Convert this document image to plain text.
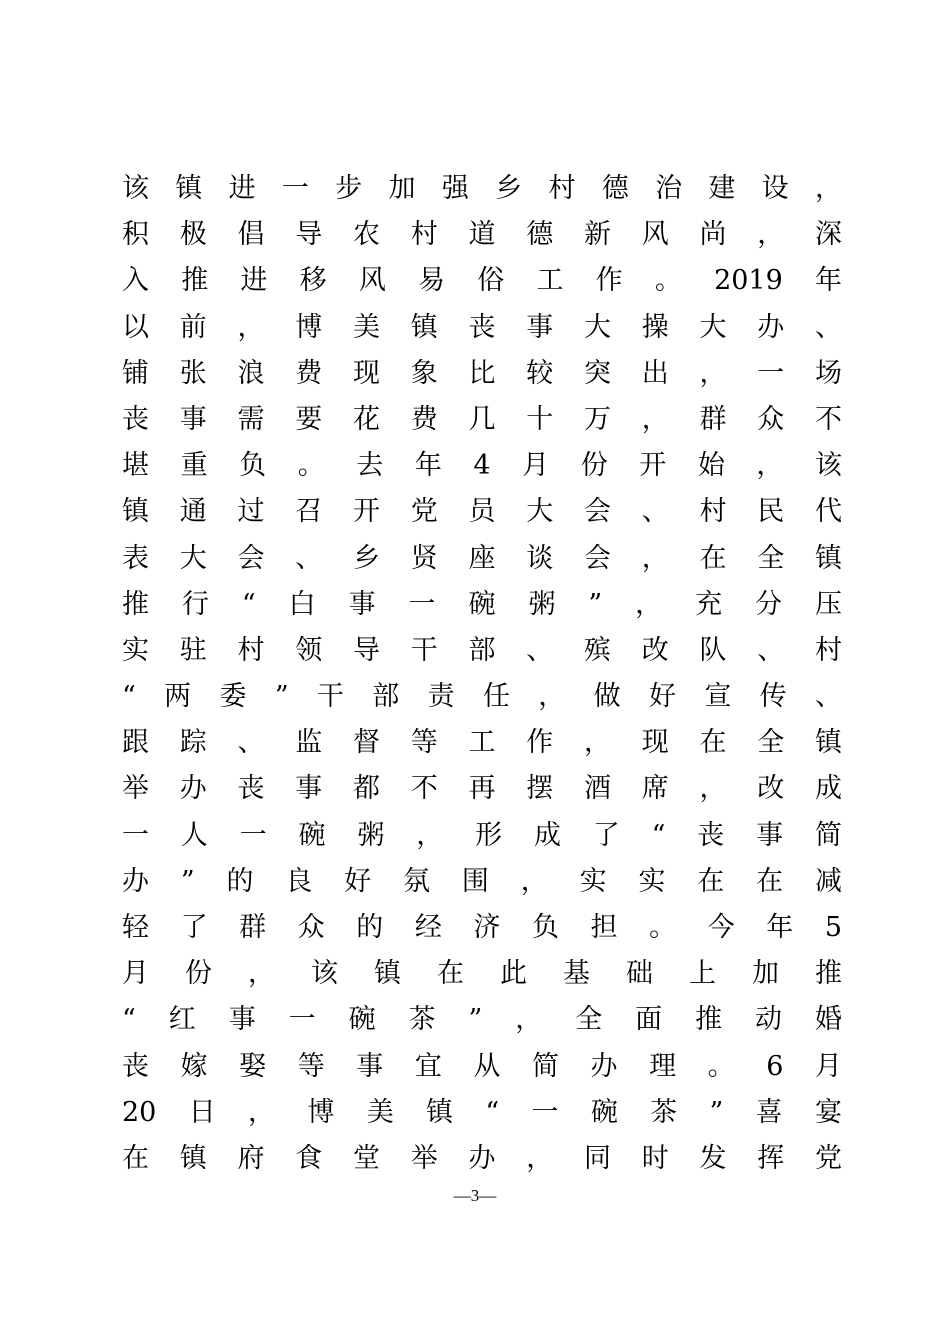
该 镇 进 一 步 加 强 乡 村 德 治 建 设 ，
积 极 倡 导 农 村 道 德 新 风 尚 ， 深
入 推 进 移 风 易 俗 工 作 。 2019 年
以 前 ， 博 美 镇 丧 事 大 操 大 办 、
铺 张 浪 费 现 象 比 较 突 出 ， 一 场
丧 事 需 要 花 费 几 十 万 ， 群 众 不
堪 重 负 。 去 年 4 月 份 开 始 ， 该
镇 通 过 召 开 党 员 大 会 、 村 民 代
表 大 会 、 乡 贤 座 谈 会 ， 在 全 镇
推 行 “ 白 事 一 碗 粥 ” ， 充 分 压
实 驻 村 领 导 干 部 、 殡 改 队 、 村
“ 两 委 ” 干 部 责 任 ， 做 好 宣 传 、
跟 踪 、 监 督 等 工 作 ， 现 在 全 镇
举 办 丧 事 都 不 再 摆 酒 席 ， 改 成
一 人 一 碗 粥 ， 形 成 了 “ 丧 事 简
办 ” 的 良 好 氛 围 ， 实 实 在 在 减
轻 了 群 众 的 经 济 负 担 。 今 年 5
月 份 ， 该 镇 在 此 基 础 上 加 推
“ 红 事 一 碗 茶 ” ， 全 面 推 动 婚
丧 嫁 娶 等 事 宜 从 简 办 理 。 6 月
20 日 ， 博 美 镇 “ 一 碗 茶 ” 喜 宴
在 镇 府 食 堂 举 办 ， 同 时 发 挥 党
—3—
